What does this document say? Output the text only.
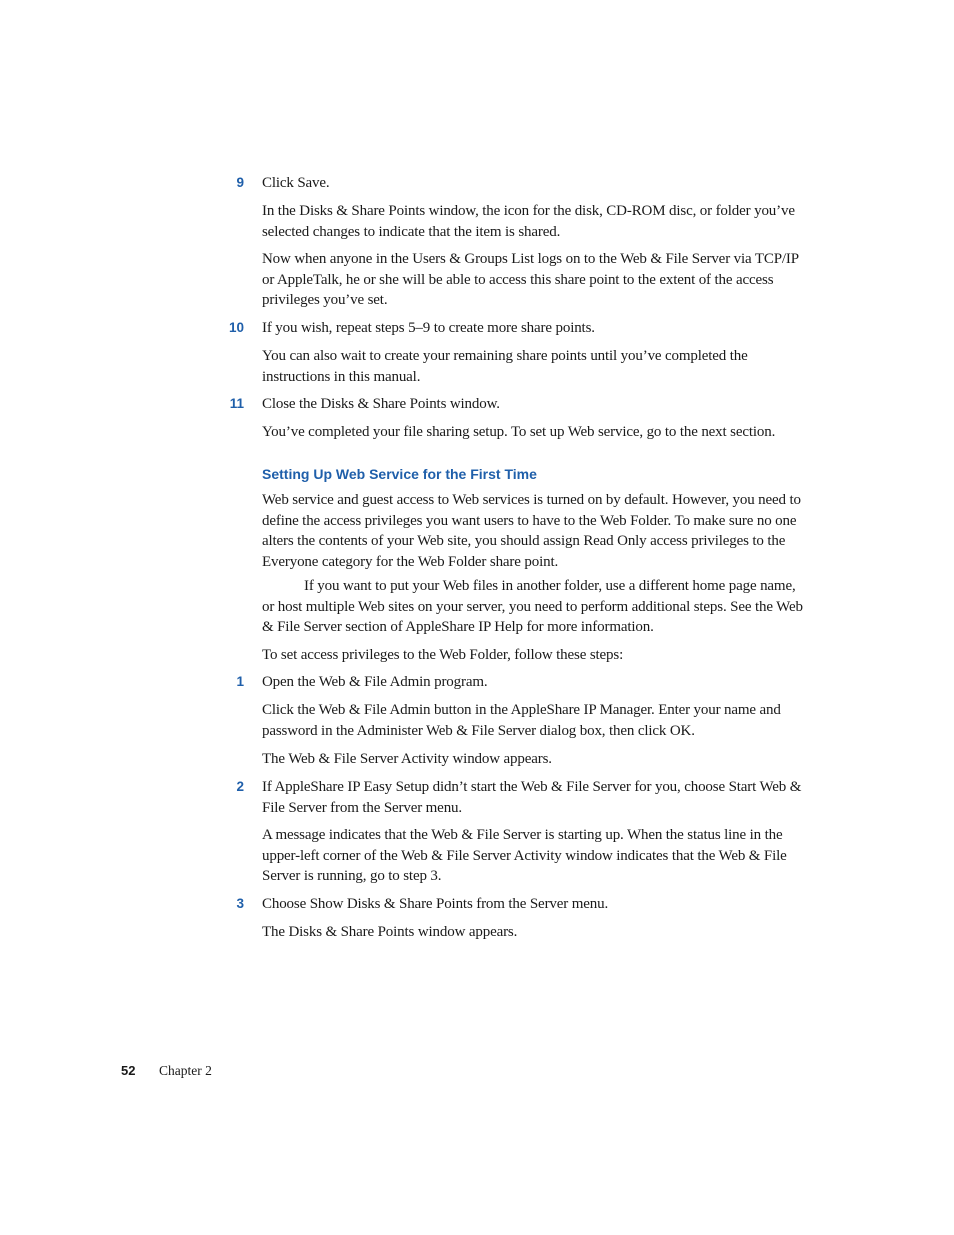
9 Click Save.

In the Disks & Share Points window, the icon for the disk, CD-ROM disc, or folder you’ve selected changes to indicate that the item is shared.

Now when anyone in the Users & Groups List logs on to the Web & File Server via TCP/IP or AppleTalk, he or she will be able to access this share point to the extent of the access privileges you’ve set.

10 If you wish, repeat steps 5–9 to create more share points.

You can also wait to create your remaining share points until you’ve completed the instructions in this manual.

11 Close the Disks & Share Points window.

You’ve completed your file sharing setup. To set up Web service, go to the next section.

Setting Up Web Service for the First Time

Web service and guest access to Web services is turned on by default. However, you need to define the access privileges you want users to have to the Web Folder. To make sure no one alters the contents of your Web site, you should assign Read Only access privileges to the Everyone category for the Web Folder share point.

If you want to put your Web files in another folder, use a different home page name, or host multiple Web sites on your server, you need to perform additional steps. See the Web & File Server section of AppleShare IP Help for more information.

To set access privileges to the Web Folder, follow these steps:

1 Open the Web & File Admin program.

Click the Web & File Admin button in the AppleShare IP Manager. Enter your name and password in the Administer Web & File Server dialog box, then click OK.

The Web & File Server Activity window appears.

2 If AppleShare IP Easy Setup didn’t start the Web & File Server for you, choose Start Web & File Server from the Server menu.

A message indicates that the Web & File Server is starting up. When the status line in the upper-left corner of the Web & File Server Activity window indicates that the Web & File Server is running, go to step 3.

3 Choose Show Disks & Share Points from the Server menu.

The Disks & Share Points window appears.

52 Chapter 2
